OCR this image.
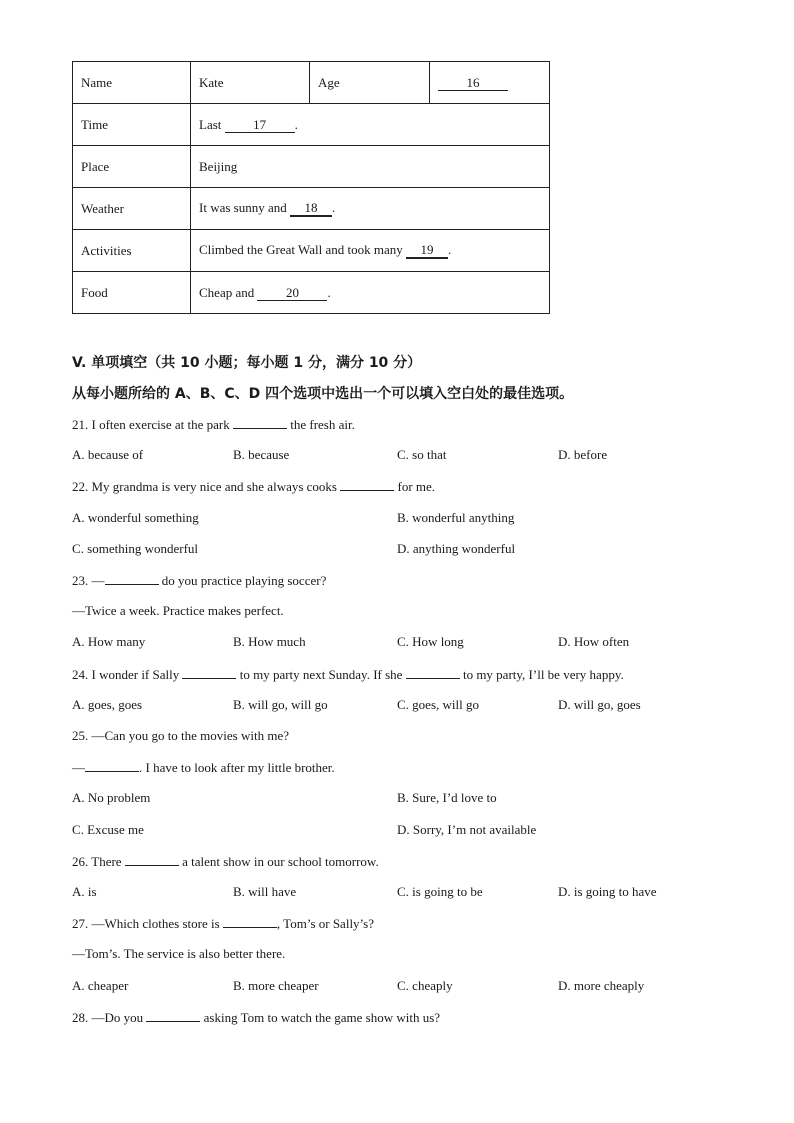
Name	Kate	Age	16
Time	Last 17 .		
Place	Beijing		
Weather	It was sunny and 18 .		
Activities	Climbed the Great Wall and took many 19 .		
Food	Cheap and 20 .		
V. 单项填空（共 10 小题；每小题 1 分，满分 10 分）
从每小题所给的 A、B、C、D 四个选项中选出一个可以填入空白处的最佳选项。
21. I often exercise at the park	the fresh air.
A. because of	B. because	C. so that	D. before
22. My grandma is very nice and she always cooks	for me.
A. wonderful something	B. wonderful anything
C. something wonderful	D. anything wonderful
23. —	do you practice playing soccer?
—Twice a week. Practice makes perfect.
A. How many	B. How much	C. How long	D. How often
24. I wonder if Sally	to my party next Sunday. If she	to my party, I’ll be very happy.
A. goes, goes	B. will go, will go	C. goes, will go	D. will go, goes
25. —Can you go to the movies with me?
—	. I have to look after my little brother.
A. No problem	B. Sure, I’d love to
C. Excuse me	D. Sorry, I’m not available
26. There	a talent show in our school tomorrow.
A. is	B. will have	C. is going to be	D. is going to have
27. —Which clothes store is	, Tom’s or Sally’s?
—Tom’s. The service is also better there.
A. cheaper	B. more cheaper	C. cheaply	D. more cheaply
28. —Do you	asking Tom to watch the game show with us?
